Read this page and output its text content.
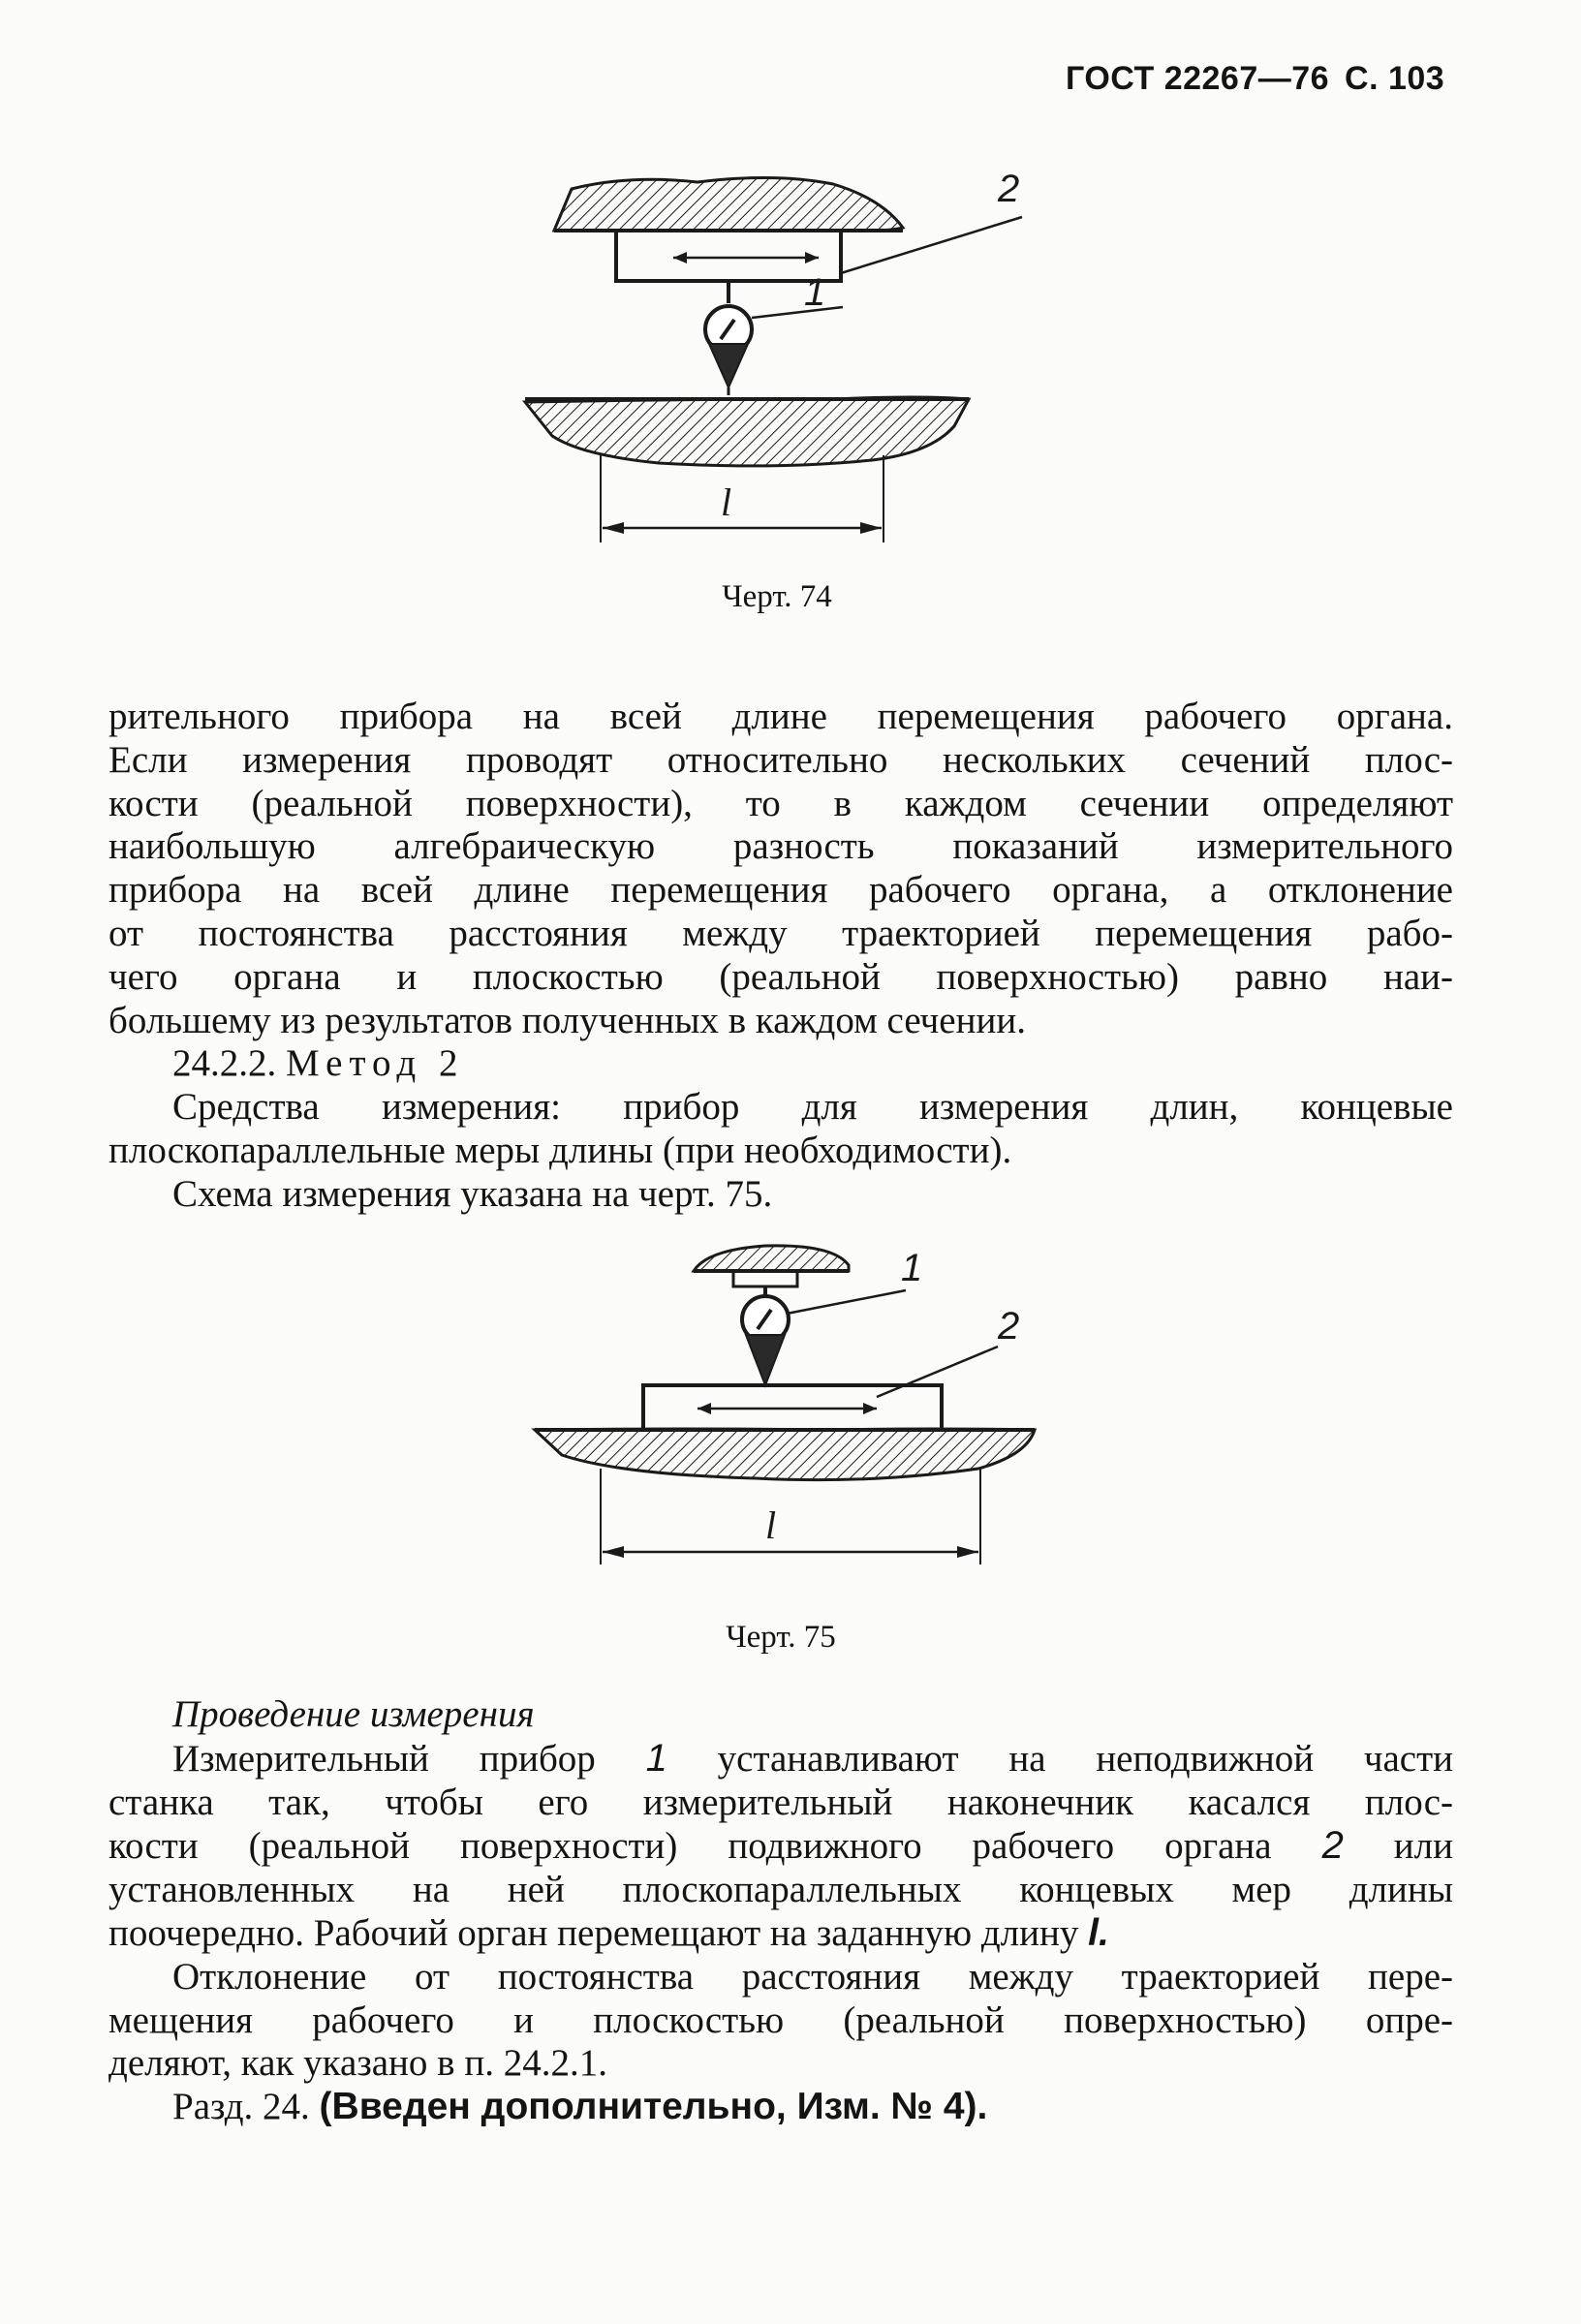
ГОСТ 22267—76 С. 103
2
1
l
Черт. 74
рительного прибора на всей длине перемещения рабочего органа.
Если измерения проводят относительно нескольких сечений плос-
кости (реальной поверхности), то в каждом сечении определяют
наибольшую алгебраическую разность показаний измерительного
прибора на всей длине перемещения рабочего органа, а отклонение
от постоянства расстояния между траекторией перемещения рабо-
чего органа и плоскостью (реальной поверхностью) равно наи-
большему из результатов полученных в каждом сечении.
24.2.2. Метод 2
Средства измерения: прибор для измерения длин, концевые
плоскопараллельные меры длины (при необходимости).
Схема измерения указана на черт. 75.
1
2
l
Черт. 75
Проведение измерения
Измерительный прибор 1 устанавливают на неподвижной части
станка так, чтобы его измерительный наконечник касался плос-
кости (реальной поверхности) подвижного рабочего органа 2 или
установленных на ней плоскопараллельных концевых мер длины
поочередно. Рабочий орган перемещают на заданную длину l.
Отклонение от постоянства расстояния между траекторией пере-
мещения рабочего и плоскостью (реальной поверхностью) опре-
деляют, как указано в п. 24.2.1.
Разд. 24. (Введен дополнительно, Изм. № 4).
